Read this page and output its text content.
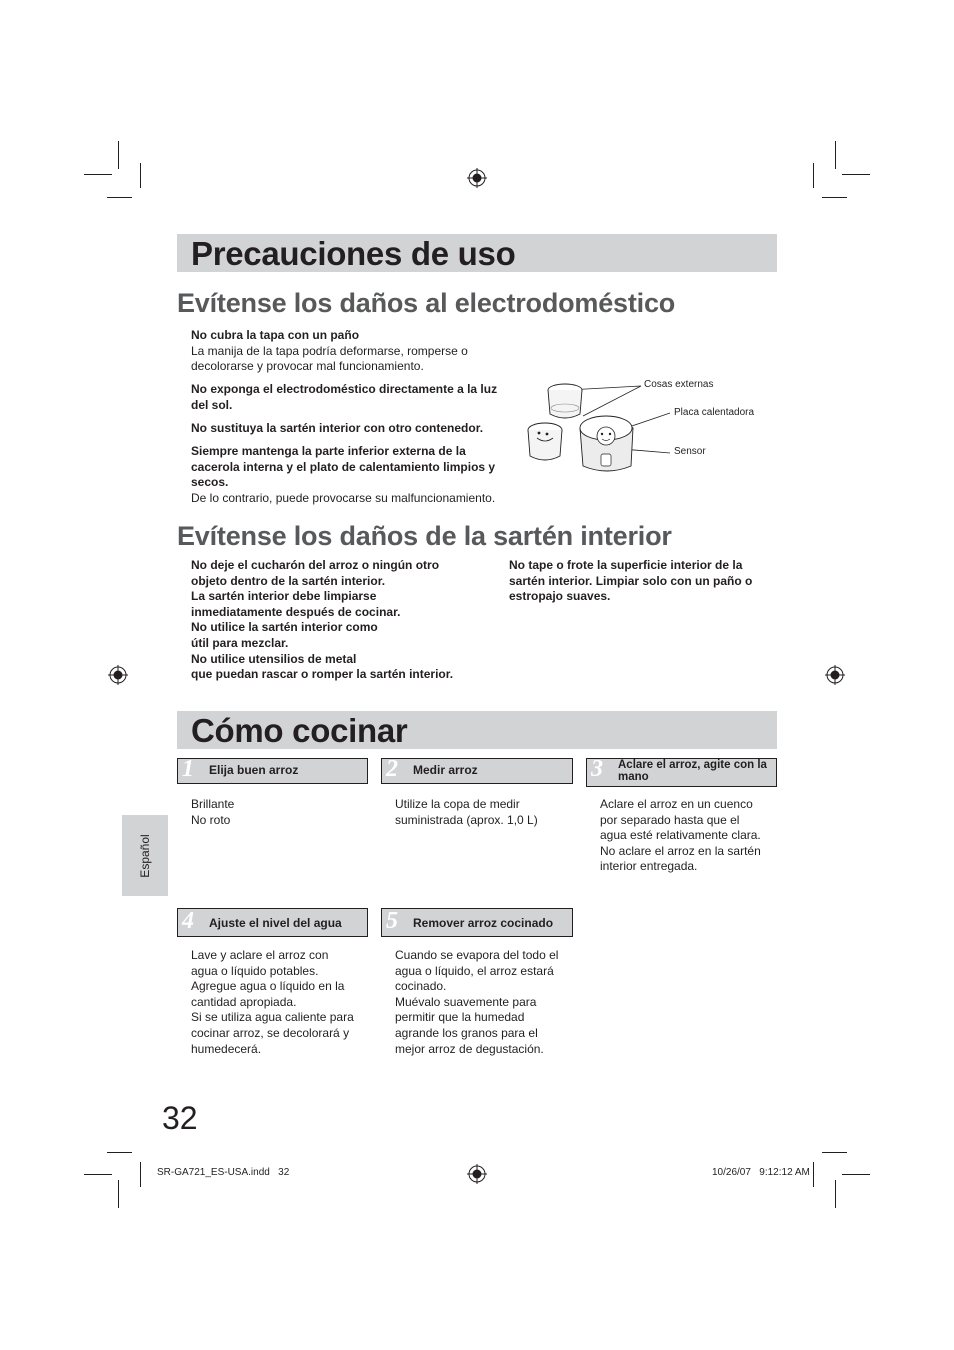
Precauciones de uso
Evítense los daños al electrodoméstico

No cubra la tapa con un paño

La manija de la tapa podría deformarse, romperse o decolorarse y provocar mal funcionamiento.

No exponga el electrodoméstico directamente a la luz del sol.

No sustituya la sartén interior con otro contenedor.

Siempre mantenga la parte inferior externa de la cacerola interna y el plato de calentamiento limpios y secos.

De lo contrario, puede provocarse su malfuncionamiento.

Cosas externas
Placa calentadora
Sensor
Evítense los daños de la sartén interior
No deje el cucharón del arroz o ningún otro
objeto dentro de la sartén interior.
La sartén interior debe limpiarse
inmediatamente después de cocinar.
No utilice la sartén interior como
útil para mezclar.
No utilice utensilios de metal
que puedan rascar o romper la sartén interior.
No tape o frote la superficie interior de la
sartén interior. Limpiar solo con un paño o
estropajo suaves.
Cómo cocinar
1 Elija buen arroz
Brillante
No roto
2 Medir arroz
Utilize la copa de medir
suministrada (aprox. 1,0 L)
3 Aclare el arroz, agite con la mano
Aclare el arroz en un cuenco
por separado hasta que el
agua esté relativamente clara.
No aclare el arroz en la sartén
interior entregada.
Español
4 Ajuste el nivel del agua
Lave y aclare el arroz con
agua o líquido potables.
Agregue agua o líquido en la
cantidad apropiada.
Si se utiliza agua caliente para
cocinar arroz, se decolorará y
humedecerá.
5 Remover arroz cocinado
Cuando se evapora del todo el
agua o líquido, el arroz estará
cocinado.
Muévalo suavemente para
permitir que la humedad
agrande los granos para el
mejor arroz de degustación.
32
SR-GA721_ES-USA.indd   32	10/26/07   9:12:12 AM
